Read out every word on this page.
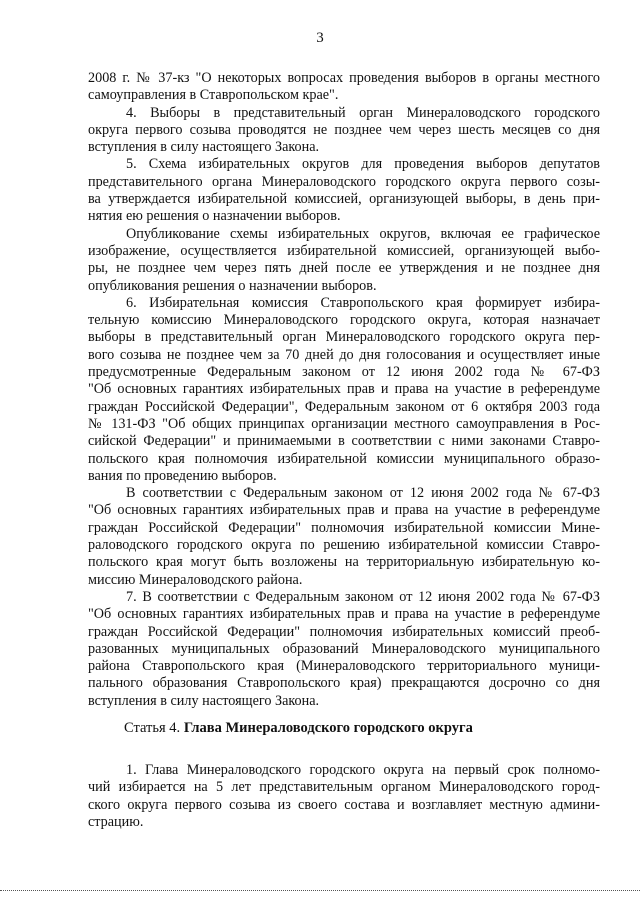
3
2008 г. № 37-кз "О некоторых вопросах проведения выборов в органы местного
самоуправления в Ставропольском крае".
4. Выборы в представительный орган Минераловодского городского
округа первого созыва проводятся не позднее чем через шесть месяцев со дня
вступления в силу настоящего Закона.
5. Схема избирательных округов для проведения выборов депутатов
представительного органа Минераловодского городского округа первого созы-
ва утверждается избирательной комиссией, организующей выборы, в день при-
нятия ею решения о назначении выборов.
Опубликование схемы избирательных округов, включая ее графическое
изображение, осуществляется избирательной комиссией, организующей выбо-
ры, не позднее чем через пять дней после ее утверждения и не позднее дня
опубликования решения о назначении выборов.
6. Избирательная комиссия Ставропольского края формирует избира-
тельную комиссию Минераловодского городского округа, которая назначает
выборы в представительный орган Минераловодского городского округа пер-
вого созыва не позднее чем за 70 дней до дня голосования и осуществляет иные
предусмотренные Федеральным законом от 12 июня 2002 года № 67-ФЗ
"Об основных гарантиях избирательных прав и права на участие в референдуме
граждан Российской Федерации", Федеральным законом от 6 октября 2003 года
№ 131-ФЗ "Об общих принципах организации местного самоуправления в Рос-
сийской Федерации" и принимаемыми в соответствии с ними законами Ставро-
польского края полномочия избирательной комиссии муниципального образо-
вания по проведению выборов.
В соответствии с Федеральным законом от 12 июня 2002 года № 67-ФЗ
"Об основных гарантиях избирательных прав и права на участие в референдуме
граждан Российской Федерации" полномочия избирательной комиссии Мине-
раловодского городского округа по решению избирательной комиссии Ставро-
польского края могут быть возложены на территориальную избирательную ко-
миссию Минераловодского района.
7. В соответствии с Федеральным законом от 12 июня 2002 года № 67-ФЗ
"Об основных гарантиях избирательных прав и права на участие в референдуме
граждан Российской Федерации" полномочия избирательных комиссий преоб-
разованных муниципальных образований Минераловодского муниципального
района Ставропольского края (Минераловодского территориального муници-
пального образования Ставропольского края) прекращаются досрочно со дня
вступления в силу настоящего Закона.
Статья 4. Глава Минераловодского городского округа
1. Глава Минераловодского городского округа на первый срок полномо-
чий избирается на 5 лет представительным органом Минераловодского город-
ского округа первого созыва из своего состава и возглавляет местную админи-
страцию.
